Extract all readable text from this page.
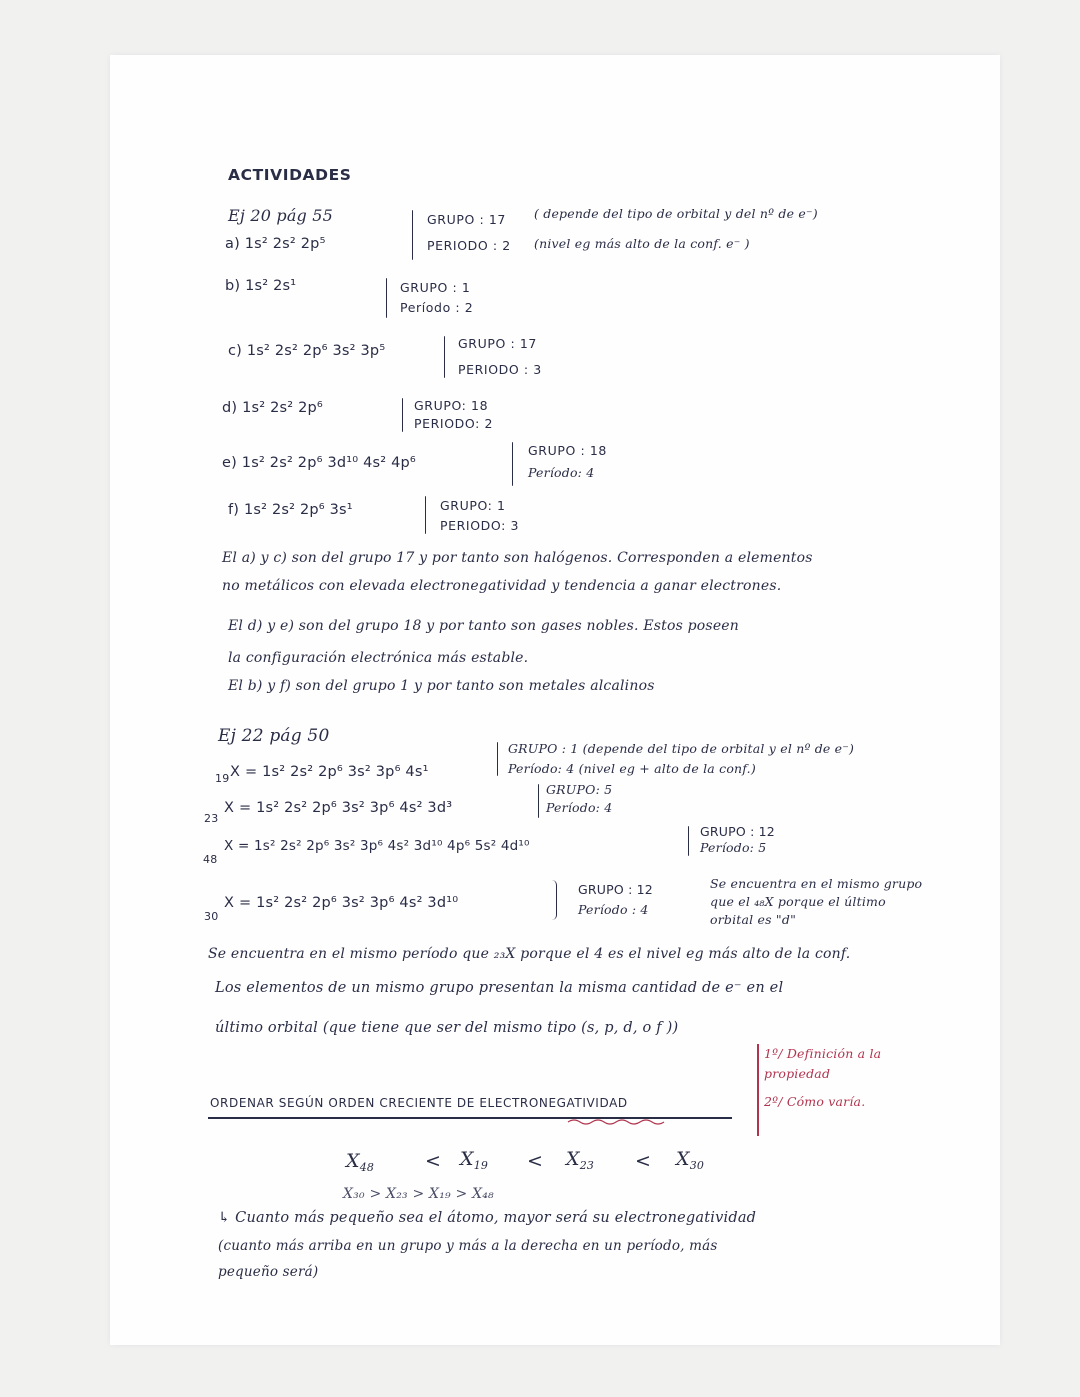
ACTIVIDADES
Ej 20 pág 55
a) 1s² 2s² 2p⁵
GRUPO : 17
PERIODO : 2
( depende del tipo de orbital y del nº de e⁻)
(nivel eg más alto de la conf. e⁻ )
b) 1s² 2s¹	GRUPO : 1
Período : 2
c) 1s² 2s² 2p⁶ 3s² 3p⁵	GRUPO : 17
PERIODO : 3
d) 1s² 2s² 2p⁶	GRUPO: 18
PERIODO: 2
e) 1s² 2s² 2p⁶ 3d¹⁰ 4s² 4p⁶
GRUPO : 18
Período: 4
f) 1s² 2s² 2p⁶ 3s¹	GRUPO: 1
PERIODO: 3
El a) y c) son del grupo 17 y por tanto son halógenos. Corresponden a elementos
no metálicos con elevada electronegatividad y tendencia a ganar electrones.
El d) y e) son del grupo 18 y por tanto son gases nobles. Estos poseen
la configuración electrónica más estable.
El b) y f) son del grupo 1 y por tanto son metales alcalinos
Ej 22 pág 50
19 X = 1s² 2s² 2p⁶ 3s² 3p⁶ 4s¹
GRUPO : 1 (depende del tipo de orbital y el nº de e⁻)
Período: 4 (nivel eg + alto de la conf.)
23
X = 1s² 2s² 2p⁶ 3s² 3p⁶ 4s² 3d³
GRUPO: 5
Período: 4
48
X = 1s² 2s² 2p⁶ 3s² 3p⁶ 4s² 3d¹⁰ 4p⁶ 5s² 4d¹⁰
GRUPO : 12
Período: 5
30
X = 1s² 2s² 2p⁶ 3s² 3p⁶ 4s² 3d¹⁰
GRUPO : 12
Período : 4
Se encuentra en el mismo grupo
que el ₄₈X porque el último
orbital es "d"
Se encuentra en el mismo período que ₂₃X porque el 4 es el nivel eg más alto de la conf.
Los elementos de un mismo grupo presentan la misma cantidad de e⁻ en el
último orbital (que tiene que ser del mismo tipo (s, p, d, o f ))
1º/ Definición a la
propiedad
2º/ Cómo varía.
ORDENAR SEGÚN ORDEN CRECIENTE DE ELECTRONEGATIVIDAD
$X_{48}$	< $X_{19} < X_{23} < X_{30}$
X₃₀ > X₂₃ > X₁₉ > X₄₈
↳ Cuanto más pequeño sea el átomo, mayor será su electronegatividad
(cuanto más arriba en un grupo y más a la derecha en un período, más
pequeño será)
